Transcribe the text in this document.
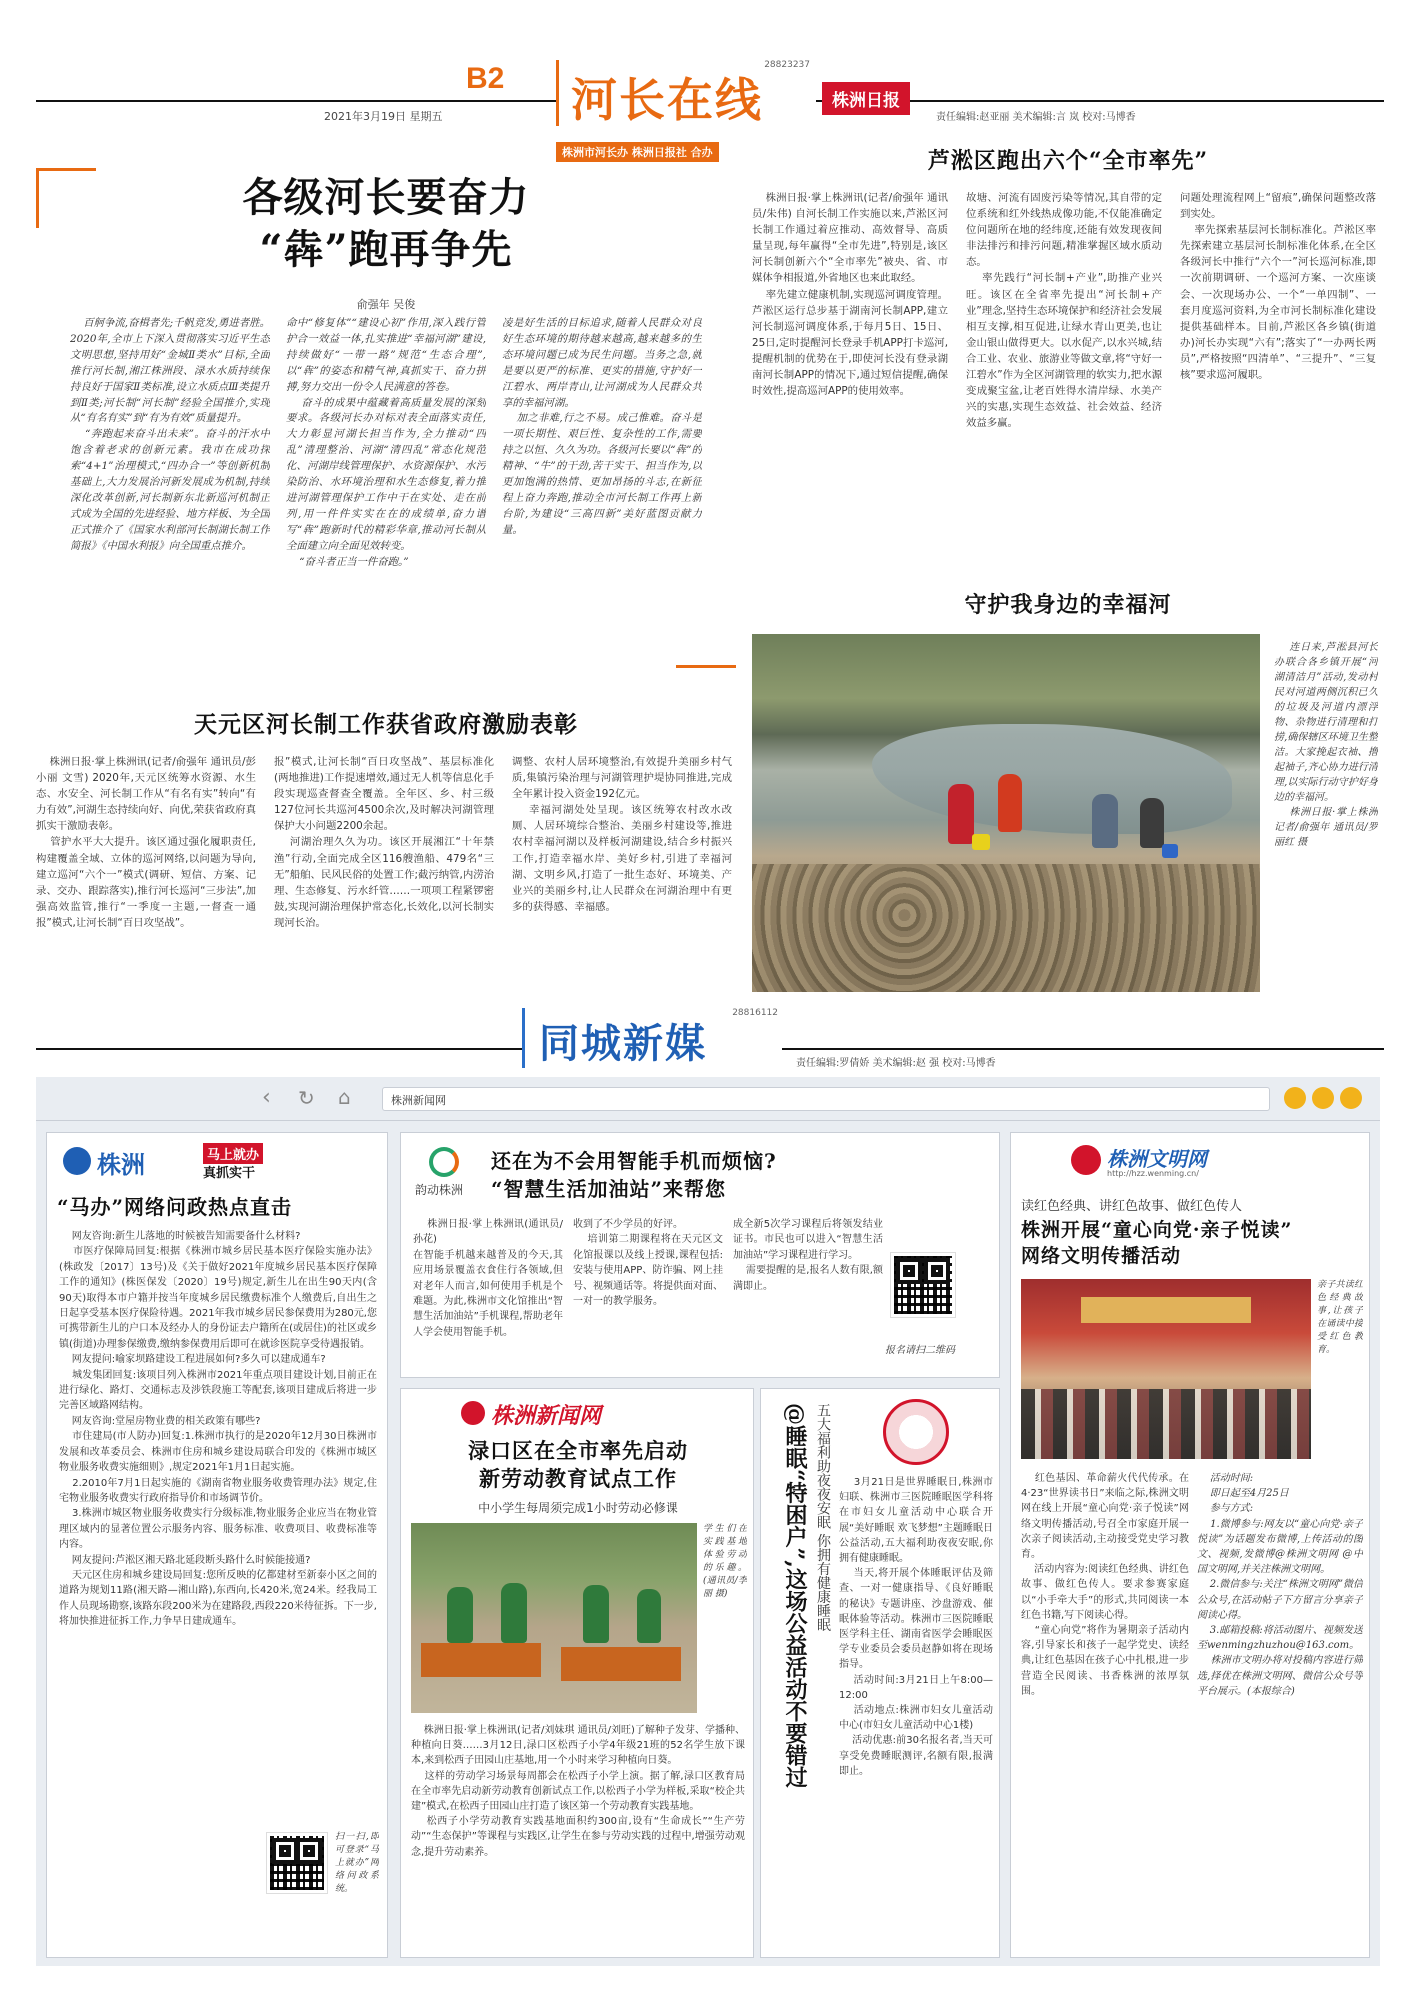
2021年3月19日 星期五
B2 河长在线
28823237
株洲市河长办 株洲日报社 合办
株洲日报
责任编辑:赵亚丽 美术编辑:言 岚 校对:马博香
各级河长要奋力
“犇”跑再争先
俞强年 吴俊
百舸争流,奋楫者先;千帆竞发,勇进者胜。2020年,全市上下深入贯彻落实习近平生态文明思想,坚持用好“金城Ⅱ类水”目标,全面推行河长制,湘江株洲段、渌水水质持续保持良好于国家Ⅱ类标准,设立水质点Ⅲ类提升到Ⅱ类;河长制“河长制”经验全国推介,实现从“有名有实”到“有为有效”质量提升。
“奔跑起来奋斗出未来”。奋斗的汗水中饱含着老求的创新元素。我市在成功探索“4+1”治理模式,“四办合一”等创新机制基础上,大力发展治河新发展成为机制,持续深化改革创新,河长制新东北新巡河机制正式成为全国的先进经验、地方样板、为全国正式推介了《国家水利部河长制湖长制工作简报》《中国水利报》向全国重点推介。
命中“修复体”“建设心初”作用,深入践行管护合一效益一体,扎实推进“幸福河湖”建设,持续做好“一带一路”规范“生态合理”,以“犇”的姿态和精气神,真抓实干、奋力拼搏,努力交出一份令人民满意的答卷。
奋斗的成果中蕴藏着高质量发展的深刻要求。各级河长办对标对表全面落实责任,大力彰显河湖长担当作为,全力推动“四乱”清理整治、河湖“清四乱”常态化规范化、河湖岸线管理保护、水资源保护、水污染防治、水环境治理和水生态修复,着力推进河湖管理保护工作中干在实处、走在前列,用一件件实实在在的成绩单,奋力谱写“犇”跑新时代的精彩华章,推动河长制从全面建立向全面见效转变。
“奋斗者正当一件奋跑。”
凌是好生活的目标追求,随着人民群众对良好生态环境的期待越来越高,越来越多的生态环境问题已成为民生问题。当务之急,就是要以更严的标准、更实的措施,守护好一江碧水、两岸青山,让河湖成为人民群众共享的幸福河湖。
加之非难,行之不易。成己惟难。奋斗是一项长期性、艰巨性、复杂性的工作,需要持之以恒、久久为功。各级河长要以“犇”的精神、“牛”的干劲,苦干实干、担当作为,以更加饱满的热情、更加昂扬的斗志,在新征程上奋力奔跑,推动全市河长制工作再上新台阶,为建设“三高四新”美好蓝图贡献力量。
芦淞区跑出六个“全市率先”
株洲日报·掌上株洲讯(记者/俞强年 通讯员/朱伟) 自河长制工作实施以来,芦淞区河长制工作通过着应推动、高效督导、高质量呈现,每年赢得“全市先进”,特别是,该区河长制创新六个“全市率先”被央、省、市媒体争相报道,外省地区也来此取经。
率先建立健康机制,实现巡河调度管理。芦淞区运行总步基于湖南河长制APP,建立河长制巡河调度体系,于每月5日、15日、25日,定时提醒河长登录手机APP打卡巡河,提醒机制的优势在于,即使河长没有登录湖南河长制APP的情况下,通过短信提醒,确保时效性,提高巡河APP的使用效率。
故塘、河流有固废污染等情况,其自带的定位系统和红外线热成像功能,不仅能准确定位问题所在地的经纬度,还能有效发现夜间非法排污和排污问题,精准掌握区域水质动态。
率先践行“河长制+产业”,助推产业兴旺。该区在全省率先提出“河长制+产业”理念,坚持生态环境保护和经济社会发展相互支撑,相互促进,让绿水青山更美,也让金山银山做得更大。以水促产,以水兴城,结合工业、农业、旅游业等做文章,将“守好一江碧水”作为全区河湖管理的软实力,把水源变成聚宝盆,让老百姓得水清岸绿、水美产兴的实惠,实现生态效益、社会效益、经济效益多赢。
问题处理流程网上“留痕”,确保问题整改落到实处。
率先探索基层河长制标准化。芦淞区率先探索建立基层河长制标准化体系,在全区各级河长中推行“六个一”河长巡河标准,即一次前期调研、一个巡河方案、一次座谈会、一次现场办公、一个“一单四制”、一套月度巡河资料,为全市河长制标准化建设提供基础样本。目前,芦淞区各乡镇(街道办)河长办实现“六有”;落实了“一办两长两员”,严格按照“四清单”、“三提升”、“三复核”要求巡河履职。
守护我身边的幸福河
连日来,芦淞县河长办联合各乡镇开展“河湖清洁月”活动,发动村民对河道两侧沉积已久的垃圾及河道内漂浮物、杂物进行清理和打捞,确保辖区环境卫生整洁。大家挽起衣袖、撸起袖子,齐心协力进行清理,以实际行动守护好身边的幸福河。
株洲日报·掌上株洲记者/俞强年 通讯员/罗丽红 摄
天元区河长制工作获省政府激励表彰
株洲日报·掌上株洲讯(记者/俞强年 通讯员/彭小丽 文雪) 2020年,天元区统筹水资源、水生态、水安全、河长制工作从“有名有实”转向“有力有效”,河湖生态持续向好、向优,荣获省政府真抓实干激励表彰。
管护水平大大提升。该区通过强化履职责任,构建覆盖全域、立体的巡河网络,以问题为导向,建立巡河“六个一”模式(调研、短信、方案、记录、交办、跟踪落实),推行河长巡河“三步法”,加强高效监管,推行“一季度一主题,一督查一通报”模式,让河长制“百日攻坚战”。
报”模式,让河长制“百日攻坚战”、基层标准化(两地推进)工作提速增效,通过无人机等信息化手段实现巡查督查全覆盖。全年区、乡、村三级127位河长共巡河4500余次,及时解决河湖管理保护大小问题2200余起。
河湖治理久久为功。该区开展湘江“十年禁渔”行动,全面完成全区116艘渔船、479名“三无”船舶、民风民俗的处置工作;截污纳管,内涝治理、生态修复、污水纤管……一项项工程紧锣密鼓,实现河湖治理保护常态化,长效化,以河长制实现河长治。
调整、农村人居环境整治,有效提升美丽乡村气质,集镇污染治理与河湖管理护堤协同推进,完成全年累计投入资金192亿元。
幸福河湖处处呈现。该区统筹农村改水改厕、人居环境综合整治、美丽乡村建设等,推进农村幸福河湖以及样板河湖建设,结合乡村振兴工作,打造幸福水岸、美好乡村,引进了幸福河湖、文明乡风,打造了一批生态好、环境美、产业兴的美丽乡村,让人民群众在河湖治理中有更多的获得感、幸福感。
同城新媒
28816112
责任编辑:罗倩娇 美术编辑:赵 强 校对:马博香
‹ ↻ ⌂	株洲新闻网
株洲	马上就办
真抓实干
“马办”网络问政热点直击
网友咨询:新生儿落地的时候被告知需要备什么材料?
市医疗保障局回复:根据《株洲市城乡居民基本医疗保险实施办法》(株政发〔2017〕13号)及《关于做好2021年度城乡居民基本医疗保障工作的通知》(株医保发〔2020〕19号)规定,新生儿在出生90天内(含90天)取得本市户籍并按当年度城乡居民缴费标准个人缴费后,自出生之日起享受基本医疗保险待遇。2021年我市城乡居民参保费用为280元,您可携带新生儿的户口本及经办人的身份证去户籍所在(或居住)的社区或乡镇(街道)办理参保缴费,缴纳参保费用后即可在就诊医院享受待遇报销。
网友提问:喻家坝路建设工程进展如何?多久可以建成通车?
城发集团回复:该项目列入株洲市2021年重点项目建设计划,目前正在进行绿化、路灯、交通标志及涉铁段施工等配套,该项目建成后将进一步完善区域路网结构。
网友咨询:堂屋房物业费的相关政策有哪些?
市住建局(市人防办)回复:1.株洲市执行的是2020年12月30日株洲市发展和改革委员会、株洲市住房和城乡建设局联合印发的《株洲市城区物业服务收费实施细则》,规定2021年1月1日起实施。
2.2010年7月1日起实施的《湖南省物业服务收费管理办法》规定,住宅物业服务收费实行政府指导价和市场调节价。
3.株洲市城区物业服务收费实行分级标准,物业服务企业应当在物业管理区域内的显著位置公示服务内容、服务标准、收费项目、收费标准等内容。
网友提问:芦淞区湘天路北延段断头路什么时候能接通?
天元区住房和城乡建设局回复:您所反映的亿都建材至新泰小区之间的道路为规划11路(湘天路—湘山路),东西向,长420米,宽24米。经我局工作人员现场勘察,该路东段200米为在建路段,西段220米待征拆。下一步,将加快推进征拆工作,力争早日建成通车。
扫一扫,即可登录“马上就办”网络问政系统。
韵动株洲
还在为不会用智能手机而烦恼?
“智慧生活加油站”来帮您
株洲日报·掌上株洲讯(通讯员/孙花)
在智能手机越来越普及的今天,其应用场景覆盖衣食住行各领域,但对老年人而言,如何使用手机是个难题。为此,株洲市文化馆推出“智慧生活加油站”手机课程,帮助老年人学会使用智能手机。
收到了不少学员的好评。
培训第二期课程将在天元区文化馆报课以及线上授课,课程包括:安装与使用APP、防诈骗、网上挂号、视频通话等。将提供面对面、一对一的教学服务。
成全新5次学习课程后将领发结业证书。市民也可以进入“智慧生活加油站”学习课程进行学习。
需要提醒的是,报名人数有限,额满即止。
报名请扫二维码
株洲新闻网
渌口区在全市率先启动
新劳动教育试点工作
中小学生每周须完成1小时劳动必修课
学生们在实践基地体验劳动的乐趣。(通讯员/李丽 摄)
株洲日报·掌上株洲讯(记者/刘妹琪 通讯员/刘旺)了解种子发芽、学播种、种植向日葵……3月12日,渌口区松西子小学4年级21班的52名学生放下课本,来到松西子田园山庄基地,用一个小时来学习种植向日葵。
这样的劳动学习场景每周都会在松西子小学上演。据了解,渌口区教育局在全市率先启动新劳动教育创新试点工作,以松西子小学为样板,采取“校企共建”模式,在松西子田园山庄打造了该区第一个劳动教育实践基地。
松西子小学劳动教育实践基地面积约300亩,设有“生命成长”“生产劳动”“生态保护”等课程与实践区,让学生在参与劳动实践的过程中,增强劳动观念,提升劳动素养。
@睡眠“特困户”,这场公益活动不要错过 五大福利助夜夜安眠 你拥有健康睡眠	3月21日是世界睡眠日,株洲市妇联、株洲市三医院睡眠医学科将在市妇女儿童活动中心联合开展“美好睡眠 欢飞梦想”主题睡眠日公益活动,五大福利助夜夜安眠,你拥有健康睡眠。
当天,将开展个体睡眠评估及筛查、一对一健康指导、《良好睡眠的秘诀》专题讲座、沙盘游戏、催眠体验等活动。株洲市三医院睡眠医学科主任、湖南省医学会睡眠医学专业委员会委员赵静如将在现场指导。
活动时间:3月21日上午8:00—12:00
活动地点:株洲市妇女儿童活动中心(市妇女儿童活动中心1楼)
活动优惠:前30名报名者,当天可享受免费睡眠测评,名额有限,报满即止。
株洲文明网
http://hzz.wenming.cn/
读红色经典、讲红色故事、做红色传人
株洲开展“童心向党·亲子悦读”
网络文明传播活动
亲子共读红色经典故事,让孩子在诵读中接受红色教育。
红色基因、革命薪火代代传承。在4·23“世界读书日”来临之际,株洲文明网在线上开展“童心向党·亲子悦读”网络文明传播活动,号召全市家庭开展一次亲子阅读活动,主动接受党史学习教育。
活动内容为:阅读红色经典、讲红色故事、做红色传人。要求参赛家庭以“小手牵大手”的形式,共同阅读一本红色书籍,写下阅读心得。
“童心向党”将作为暑期亲子活动内容,引导家长和孩子一起学党史、读经典,让红色基因在孩子心中扎根,进一步营造全民阅读、书香株洲的浓厚氛围。
活动时间:
即日起至4月25日
参与方式:
1.微博参与:网友以“童心向党·亲子悦读”为话题发布微博,上传活动的图文、视频,发微博@株洲文明网 @中国文明网,并关注株洲文明网。
2.微信参与:关注“株洲文明网”微信公众号,在活动帖子下方留言分享亲子阅读心得。
3.邮箱投稿:将活动图片、视频发送至wenmingzhuzhou@163.com。
株洲市文明办将对投稿内容进行筛选,择优在株洲文明网、微信公众号等平台展示。(本报综合)
